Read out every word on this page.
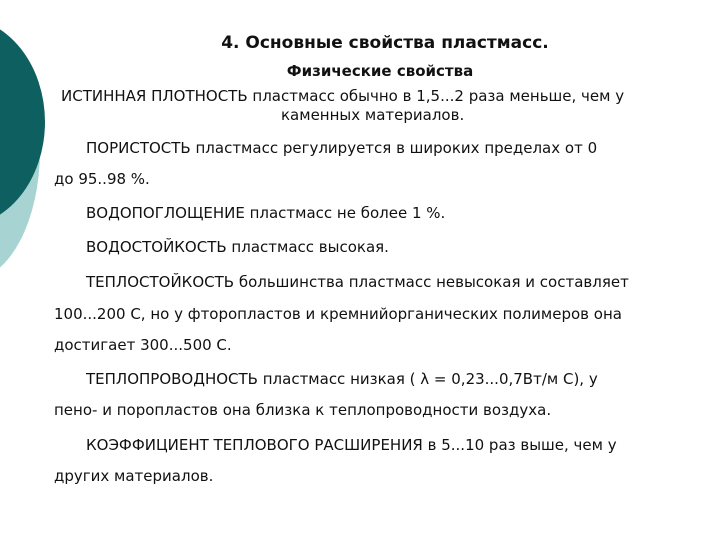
4. Основные свойства пластмасс.
Физические свойства

ИСТИННАЯ ПЛОТНОСТЬ пластмасс обычно в 1,5...2 раза меньше, чем у

каменных материалов.

ПОРИСТОСТЬ пластмасс регулируется в широких пределах от 0

до 95..98 %.

ВОДОПОГЛОЩЕНИЕ пластмасс не более 1 %.

ВОДОСТОЙКОСТЬ пластмасс высокая.

ТЕПЛОСТОЙКОСТЬ большинства пластмасс невысокая и составляет

100...200 С, но у фторопластов и кремнийорганических полимеров она

достигает 300...500 С.

ТЕПЛОПРОВОДНОСТЬ пластмасс низкая ( λ = 0,23...0,7Вт/м С), у

пено- и поропластов она близка к теплопроводности воздуха.

КОЭФФИЦИЕНТ ТЕПЛОВОГО РАСШИРЕНИЯ в 5...10 раз выше, чем у

других материалов.
